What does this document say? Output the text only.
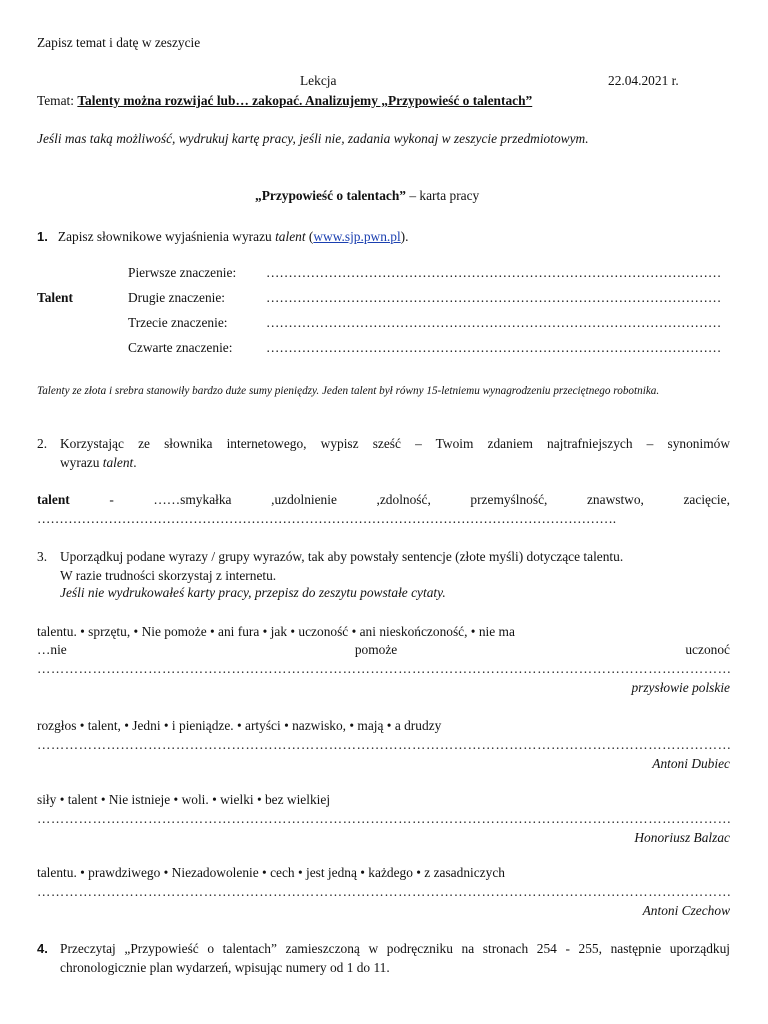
Zapisz temat i datę w zeszycie
Lekcja	22.04.2021 r.
Temat: Talenty można rozwijać lub… zakopać. Analizujemy „Przypowieść o talentach”
Jeśli mas taką możliwość, wydrukuj kartę pracy, jeśli nie, zadania wykonaj w zeszycie przedmiotowym.
„Przypowieść o talentach” – karta pracy
1. Zapisz słownikowe wyjaśnienia wyrazu talent (www.sjp.pwn.pl).
Talent
Pierwsze znaczenie: …………………………………………………………………………………………
Drugie znaczenie:	…………………………………………………………………………………………
Trzecie znaczenie:	…………………………………………………………………………………………
Czwarte znaczenie:	…………………………………………………………………………………………
Talenty ze złota i srebra stanowiły bardzo duże sumy pieniędzy. Jeden talent był równy 15-letniemu wynagrodzeniu przeciętnego robotnika.
2. Korzystając ze słownika internetowego, wypisz sześć – Twoim zdaniem najtrafniejszych – synonimów
wyrazu talent.
talent	-	……smykałka	,uzdolnienie	,zdolność,	przemyślność,	znawstwo,	zacięcie,
………………………………………………………………………………………………………………….
3. Uporządkuj podane wyrazy / grupy wyrazów, tak aby powstały sentencje (złote myśli) dotyczące talentu.
W razie trudności skorzystaj z internetu.
Jeśli nie wydrukowałeś karty pracy, przepisz do zeszytu powstałe cytaty.
talentu. • sprzętu, • Nie pomoże • ani fura • jak • uczoność • ani nieskończoność, • nie ma
…nie	pomoże	uczonoć
……………………………………………………………………………………………………………………………………………………………………
przysłowie polskie
rozgłos • talent, • Jedni • i pieniądze. • artyści • nazwisko, • mają • a drudzy
……………………………………………………………………………………………………………………………………………………………………
Antoni Dubiec
siły • talent • Nie istnieje • woli. • wielki • bez wielkiej
……………………………………………………………………………………………………………………………………………………………………
Honoriusz Balzac
talentu. • prawdziwego • Niezadowolenie • cech • jest jedną • każdego • z zasadniczych
……………………………………………………………………………………………………………………………………………………………………
Antoni Czechow
4. Przeczytaj „Przypowieść o talentach” zamieszczoną w podręczniku na stronach 254 - 255, następnie uporządkuj
chronologicznie plan wydarzeń, wpisując numery od 1 do 11.
